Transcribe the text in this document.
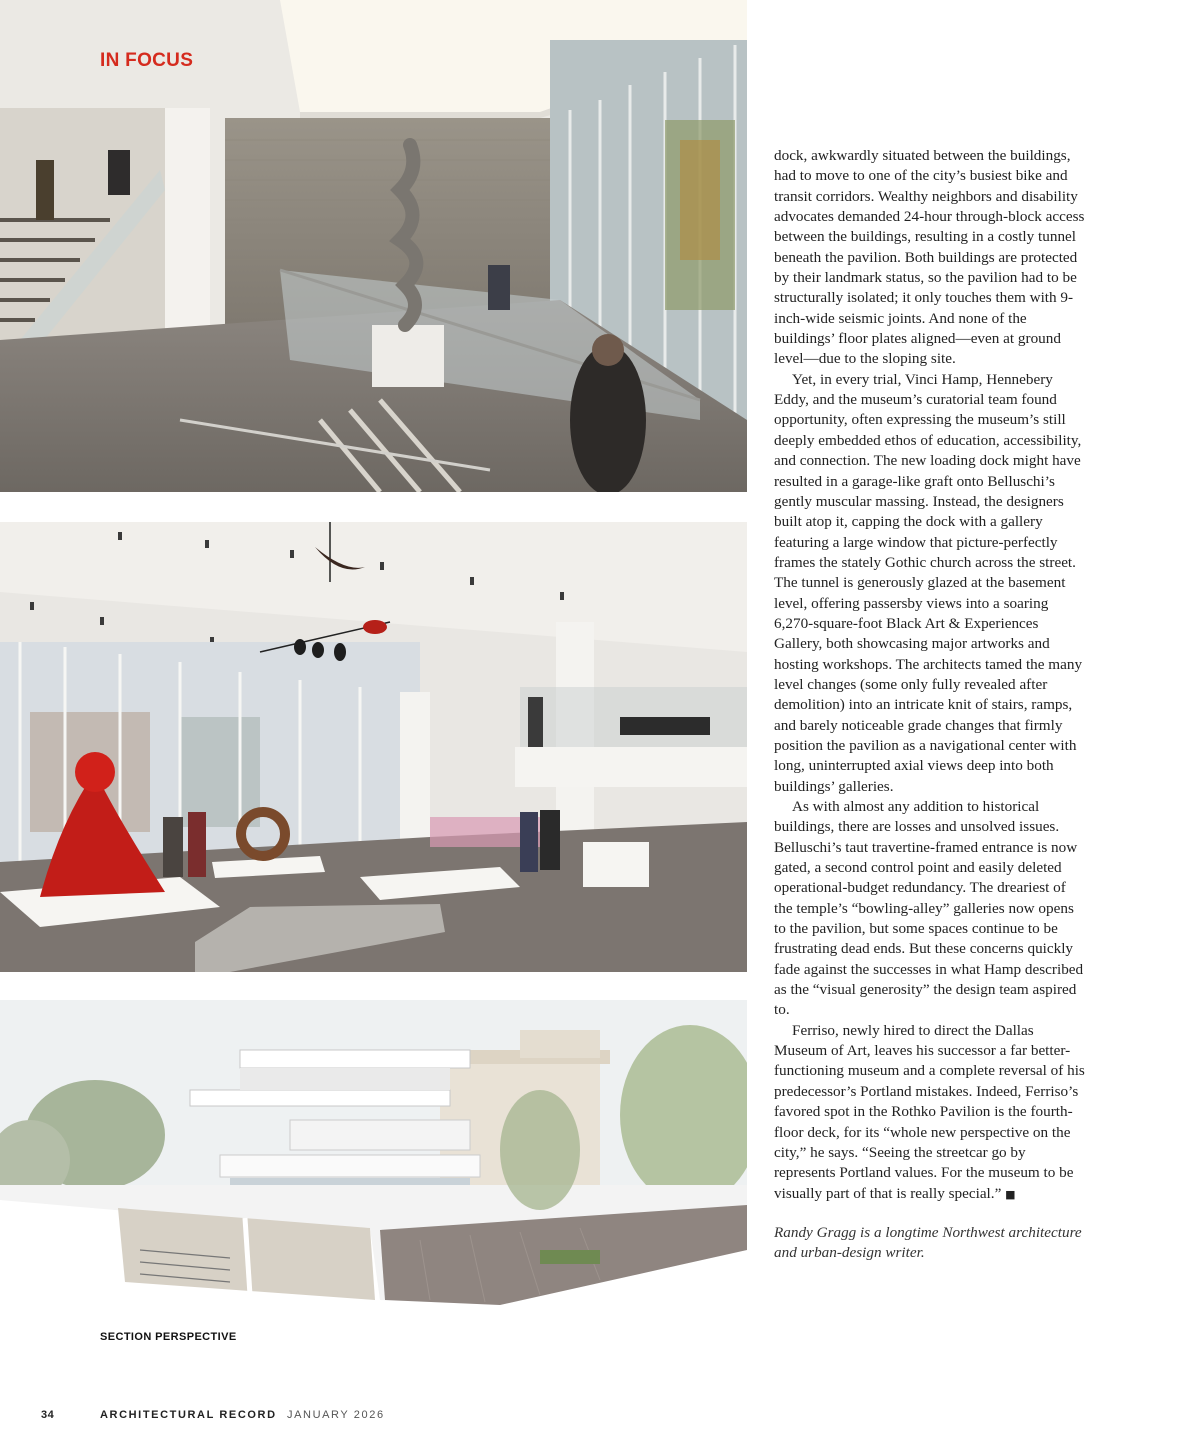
IN FOCUS
SECTION PERSPECTIVE

dock, awkwardly situated between the buildings, had to move to one of the city’s busiest bike and transit corridors. Wealthy neighbors and disability advocates demanded 24-hour through-block access between the buildings, resulting in a costly tunnel beneath the pavilion. Both buildings are protected by their landmark status, so the pavilion had to be structurally isolated; it only touches them with 9-inch-wide seismic joints. And none of the buildings’ floor plates aligned—even at ground level—due to the sloping site.

Yet, in every trial, Vinci Hamp, Hennebery Eddy, and the museum’s curatorial team found opportunity, often expressing the museum’s still deeply embedded ethos of education, accessibility, and connection. The new loading dock might have resulted in a garage-like graft onto Belluschi’s gently muscular massing. Instead, the designers built atop it, capping the dock with a gallery featuring a large window that picture-perfectly frames the stately Gothic church across the street. The tunnel is generously glazed at the basement level, offering passersby views into a soaring 6,270-square-foot Black Art & Experiences Gallery, both showcasing major artworks and hosting workshops. The architects tamed the many level changes (some only fully revealed after demolition) into an intricate knit of stairs, ramps, and barely noticeable grade changes that firmly position the pavilion as a navigational center with long, uninterrupted axial views deep into both buildings’ galleries.

As with almost any addition to historical buildings, there are losses and unsolved issues. Belluschi’s taut travertine-framed entrance is now gated, a second control point and easily deleted operational-budget redundancy. The dreariest of the temple’s “bowling-alley” galleries now opens to the pavilion, but some spaces continue to be frustrating dead ends. But these concerns quickly fade against the successes in what Hamp described as the “visual generosity” the design team aspired to.

Ferriso, newly hired to direct the Dallas Museum of Art, leaves his successor a far better-functioning museum and a complete reversal of his predecessor’s Portland mistakes. Indeed, Ferriso’s favored spot in the Rothko Pavilion is the fourth-floor deck, for its “whole new perspective on the city,” he says. “Seeing the streetcar go by represents Portland values. For the museum to be visually part of that is really special.” ■

Randy Gragg is a longtime Northwest architecture and urban-design writer.

34	ARCHITECTURAL RECORD JANUARY 2026
